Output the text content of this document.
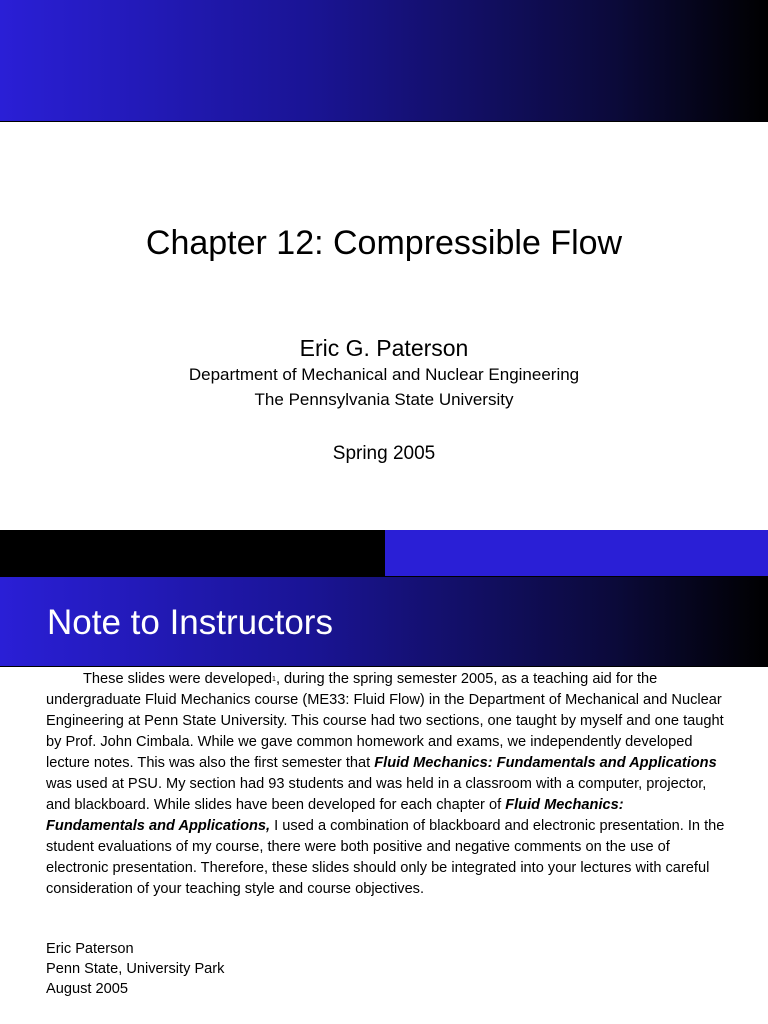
Chapter 12: Compressible Flow
Eric G. Paterson
Department of Mechanical and Nuclear Engineering
The Pennsylvania State University
Spring 2005
Note to Instructors

These slides were developed$^1$, during the spring semester 2005, as a teaching aid for the undergraduate Fluid Mechanics course (ME33: Fluid Flow) in the Department of Mechanical and Nuclear Engineering at Penn State University. This course had two sections, one taught by myself and one taught by Prof. John Cimbala. While we gave common homework and exams, we independently developed lecture notes. This was also the first semester that Fluid Mechanics: Fundamentals and Applications was used at PSU. My section had 93 students and was held in a classroom with a computer, projector, and blackboard. While slides have been developed for each chapter of Fluid Mechanics: Fundamentals and Applications, I used a combination of blackboard and electronic presentation. In the student evaluations of my course, there were both positive and negative comments on the use of electronic presentation. Therefore, these slides should only be integrated into your lectures with careful consideration of your teaching style and course objectives.

Eric Paterson
Penn State, University Park
August 2005
